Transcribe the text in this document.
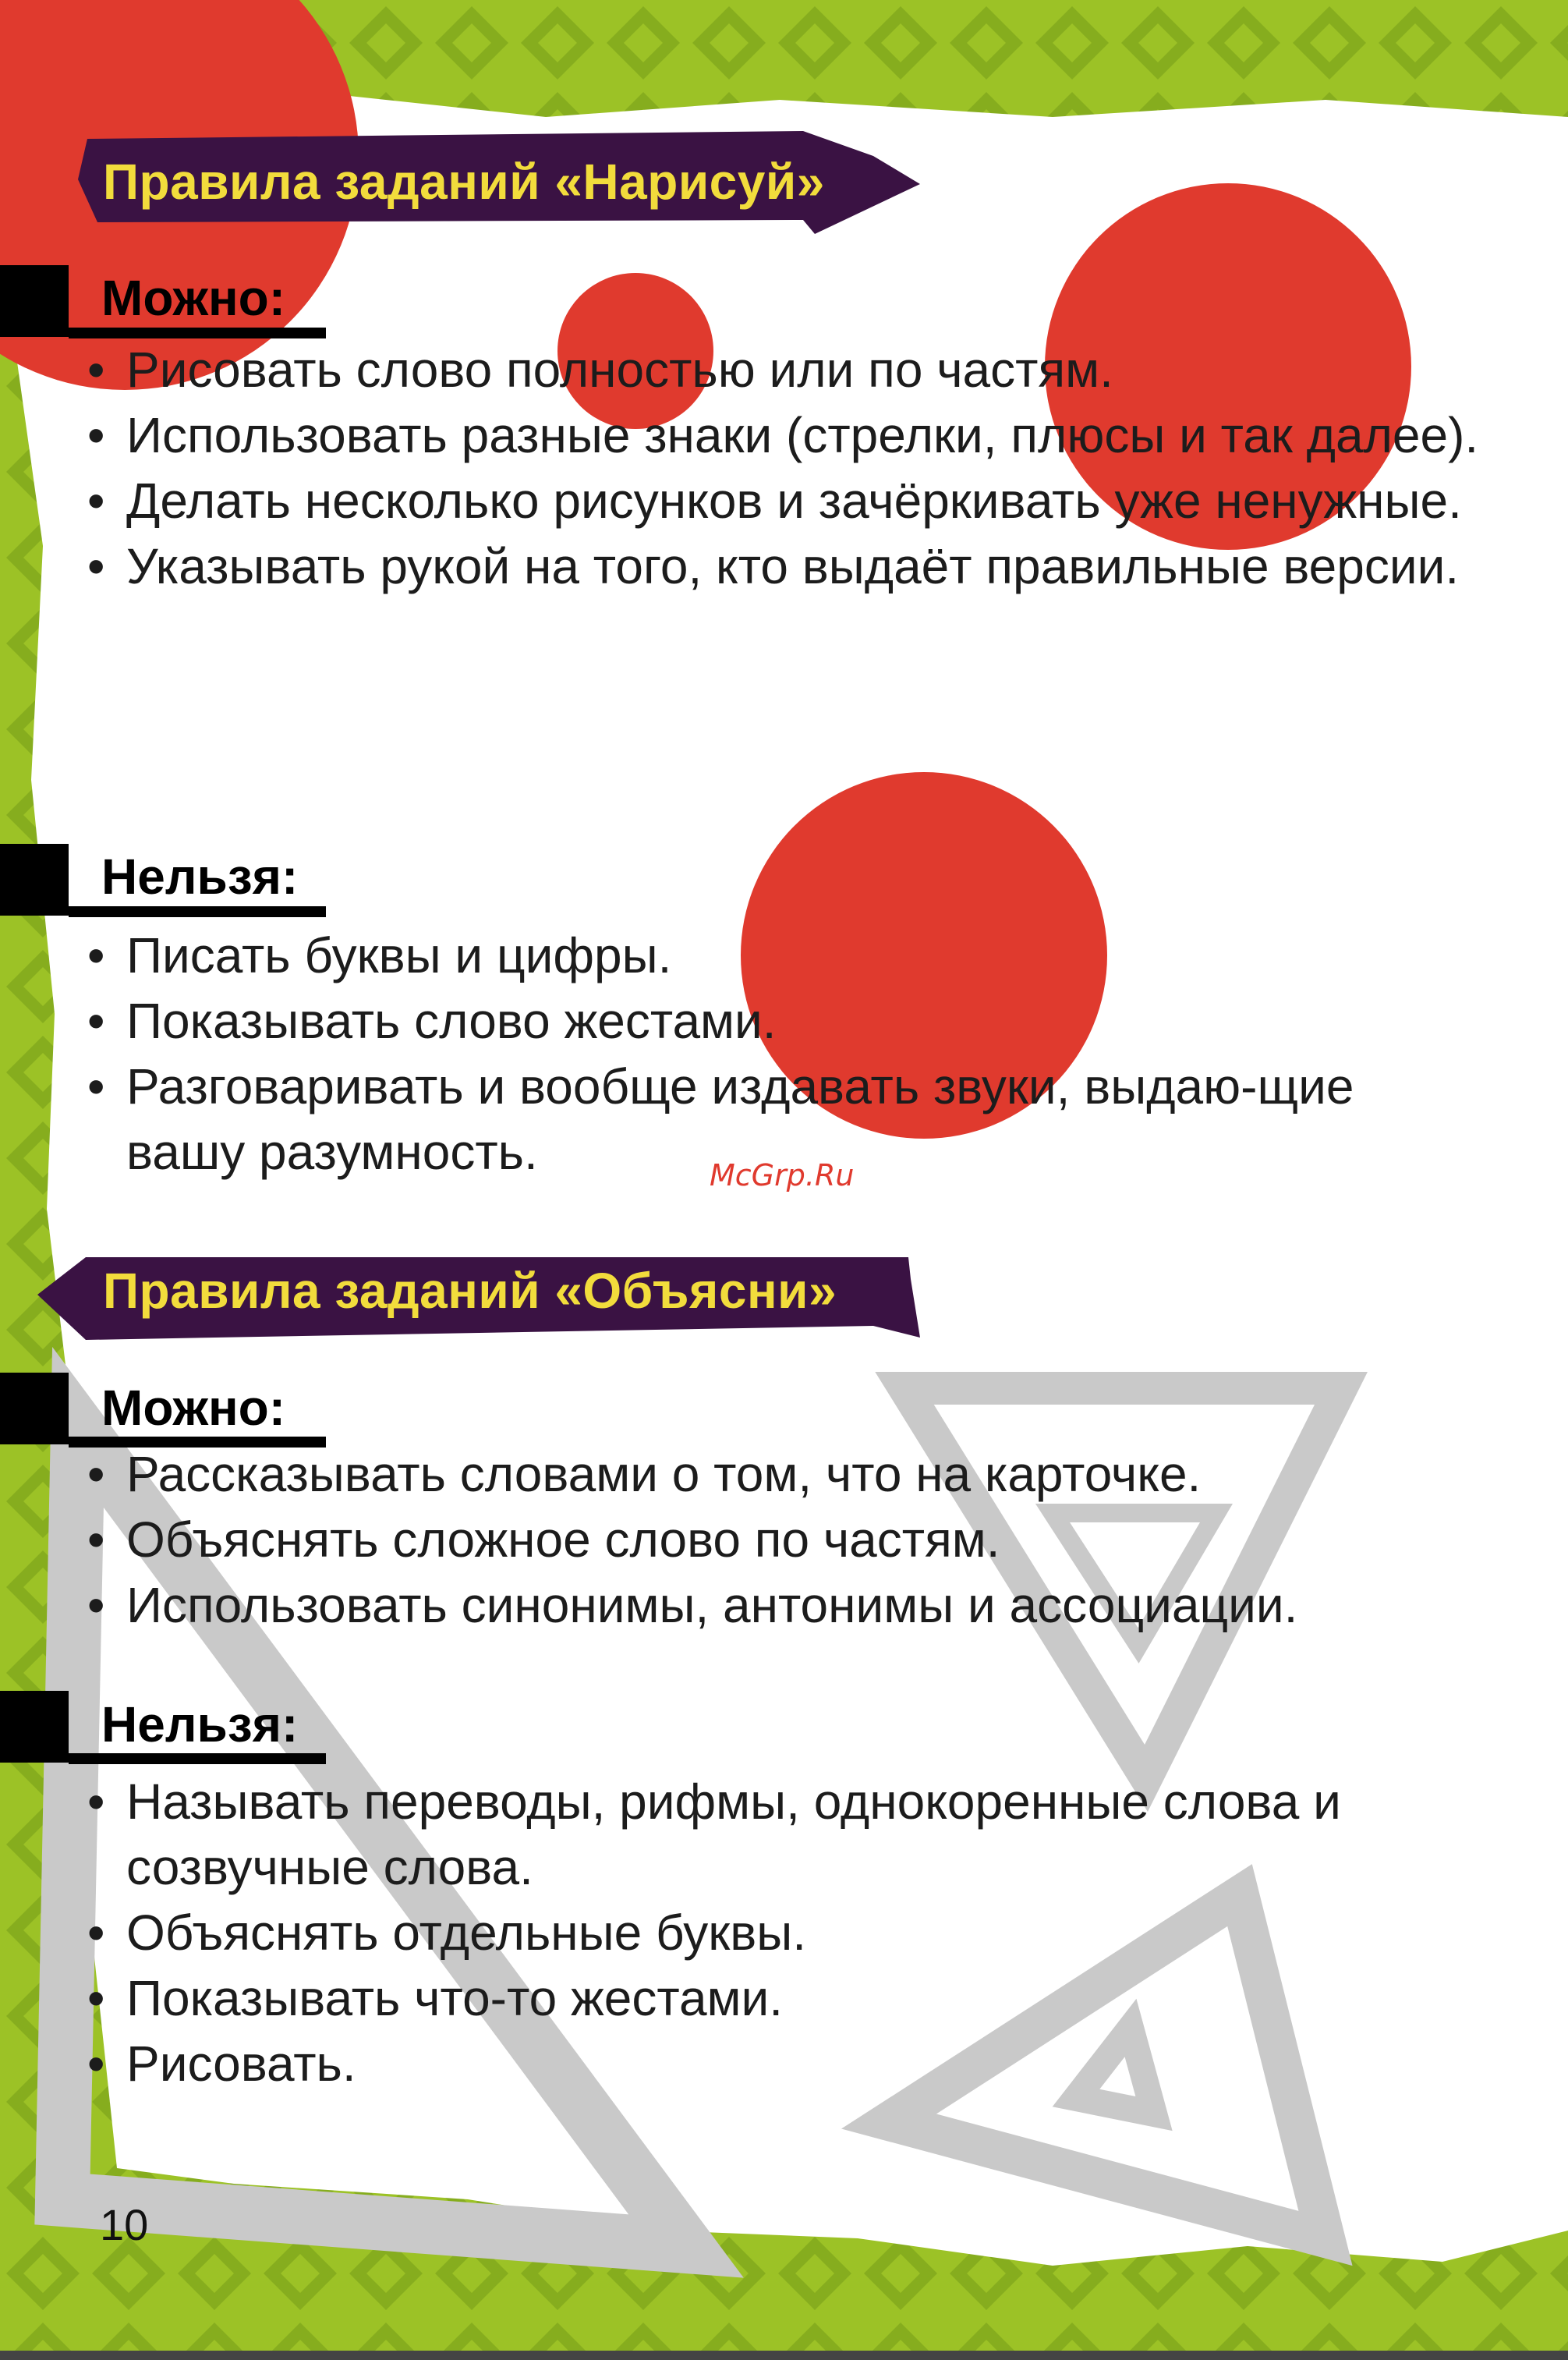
Правила заданий «Нарисуй»
Можно:
• Рисовать слово полностью или по частям.
• Использовать разные знаки (стрелки, плюсы и так далее).
• Делать несколько рисунков и зачёркивать уже ненужные.
• Указывать рукой на того, кто выдаёт правильные версии.
Нельзя:
• Писать буквы и цифры.
• Показывать слово жестами.
• Разговаривать и вообще издавать звуки, выдаю-щие вашу разумность.	McGrp.Ru
Правила заданий «Объясни»
Можно:
• Рассказывать словами о том, что на карточке.
• Объяснять сложное слово по частям.
• Использовать синонимы, антонимы и ассоциации.
Нельзя:
• Называть переводы, рифмы, однокоренные слова и созвучные слова.
• Объяснять отдельные буквы.
• Показывать что-то жестами.
• Рисовать.
10
